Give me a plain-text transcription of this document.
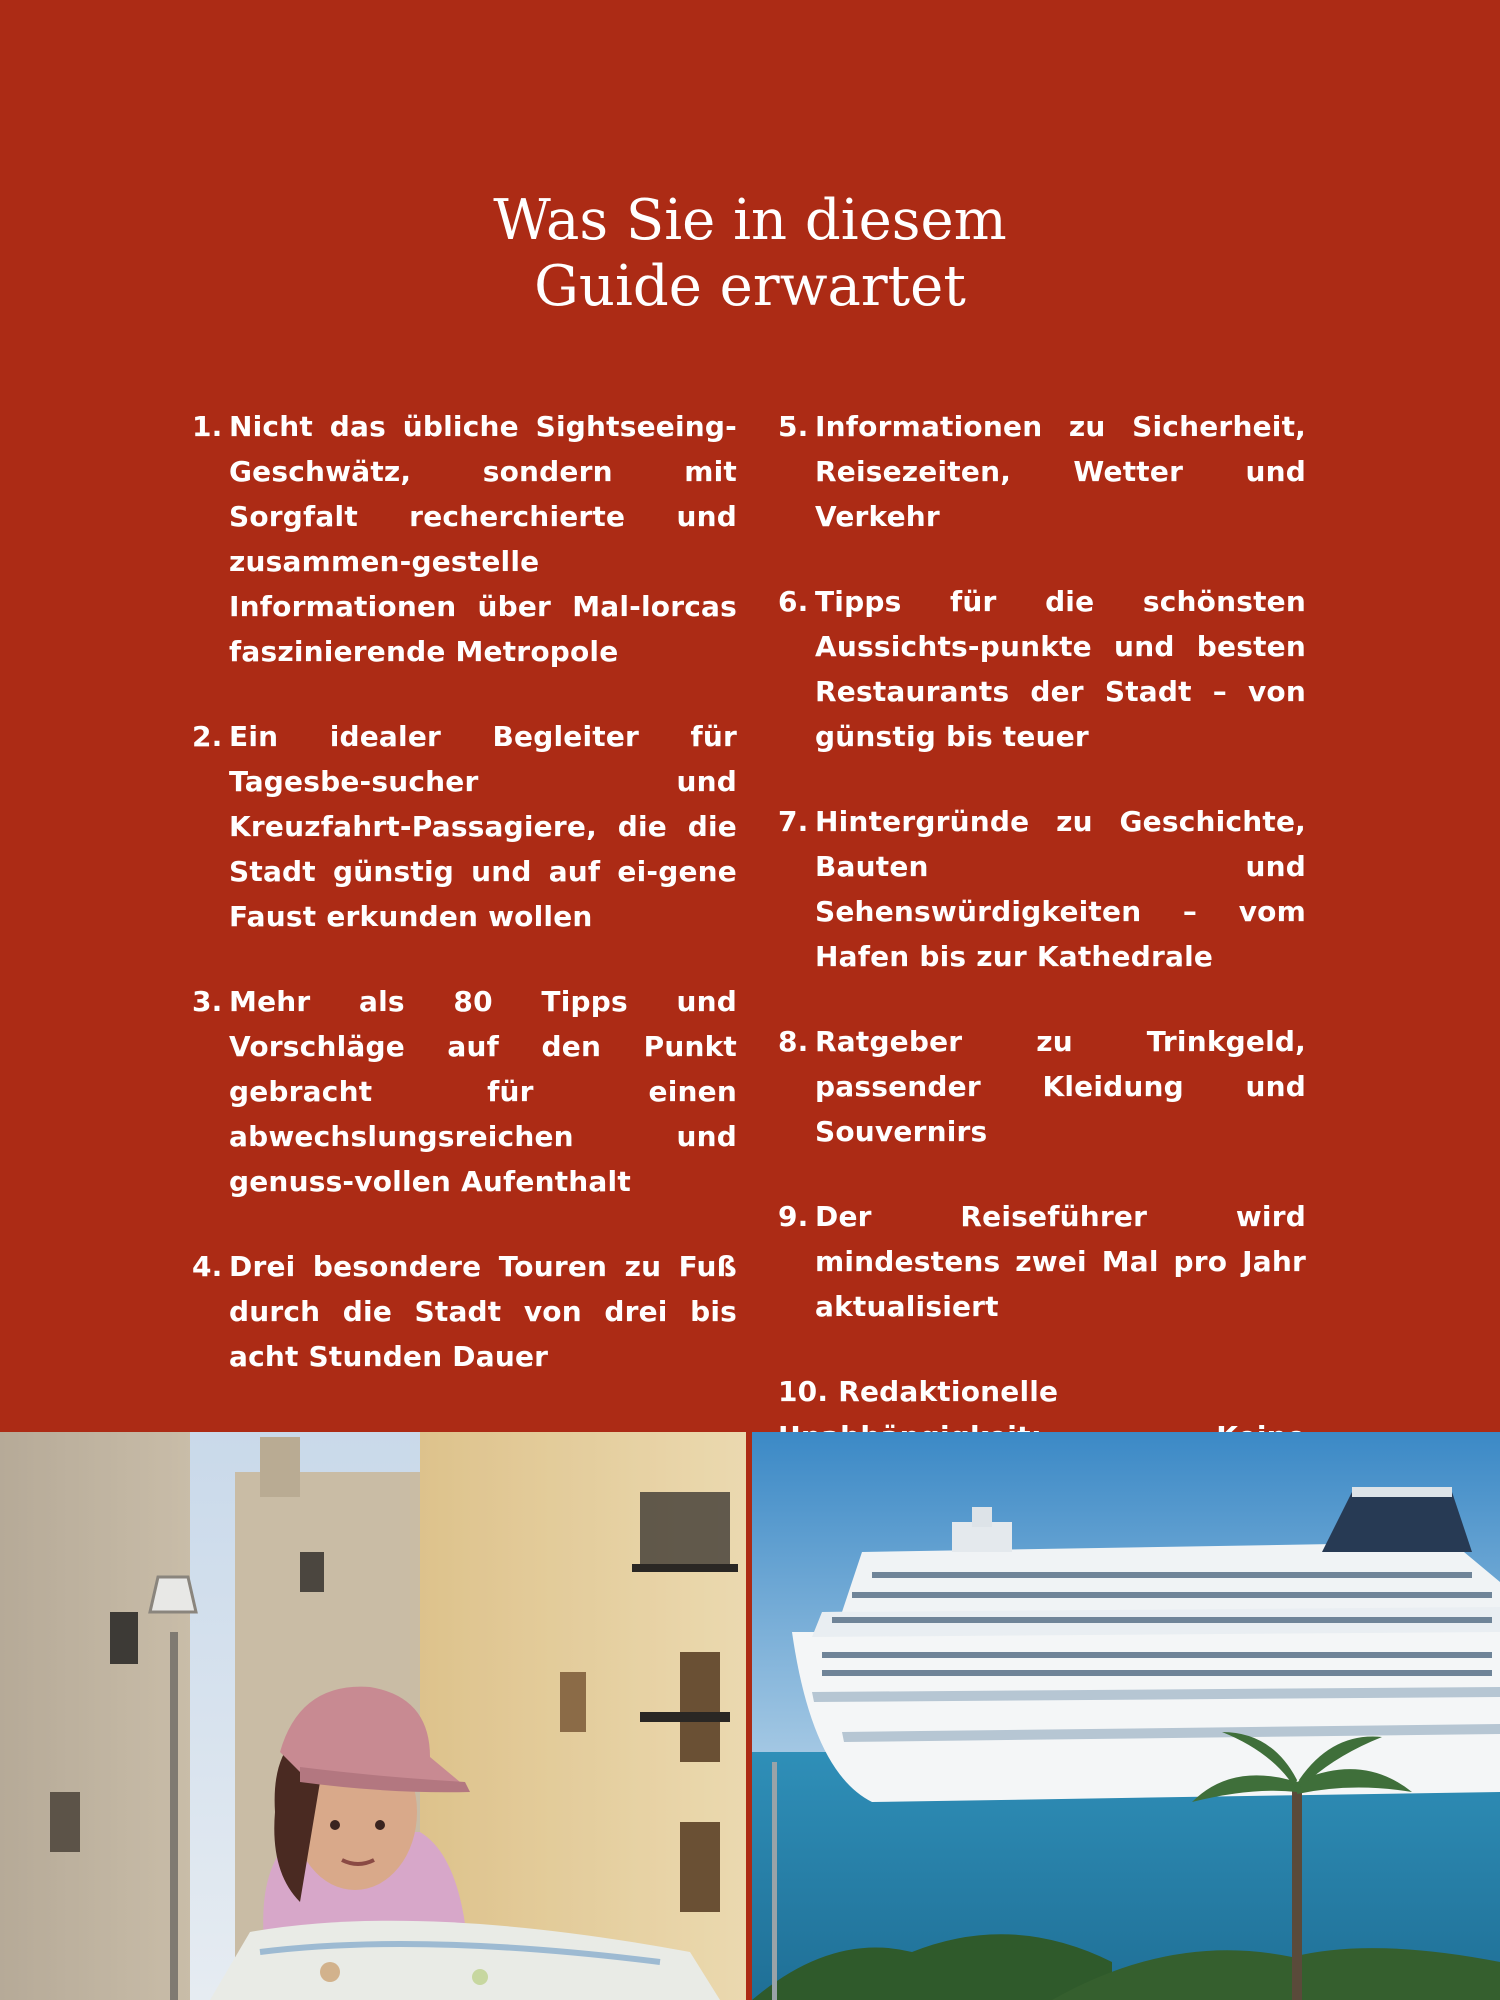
Was Sie in diesem
Guide erwartet
1. Nicht das übliche Sightseeing-Geschwätz, sondern mit Sorgfalt recherchierte und zusammen-gestelle Informationen über Mal-lorcas faszinierende Metropole
2. Ein idealer Begleiter für Tagesbe-sucher und Kreuzfahrt-Passagiere, die die Stadt günstig und auf ei-gene Faust erkunden wollen
3. Mehr als 80 Tipps und Vorschläge auf den Punkt gebracht für einen abwechslungsreichen und genuss-vollen Aufenthalt
4. Drei besondere Touren zu Fuß durch die Stadt von drei bis acht Stunden Dauer
5. Informationen zu Sicherheit, Reisezeiten, Wetter und Verkehr
6. Tipps für die schönsten Aussichts-punkte und besten Restaurants der Stadt – von günstig bis teuer
7. Hintergründe zu Geschichte, Bauten und Sehenswürdigkeiten – vom Hafen bis zur Kathedrale
8. Ratgeber zu Trinkgeld, passender Kleidung und Souvernirs
9. Der Reiseführer wird mindestens zwei Mal pro Jahr aktualisiert
10. Redaktionelle
